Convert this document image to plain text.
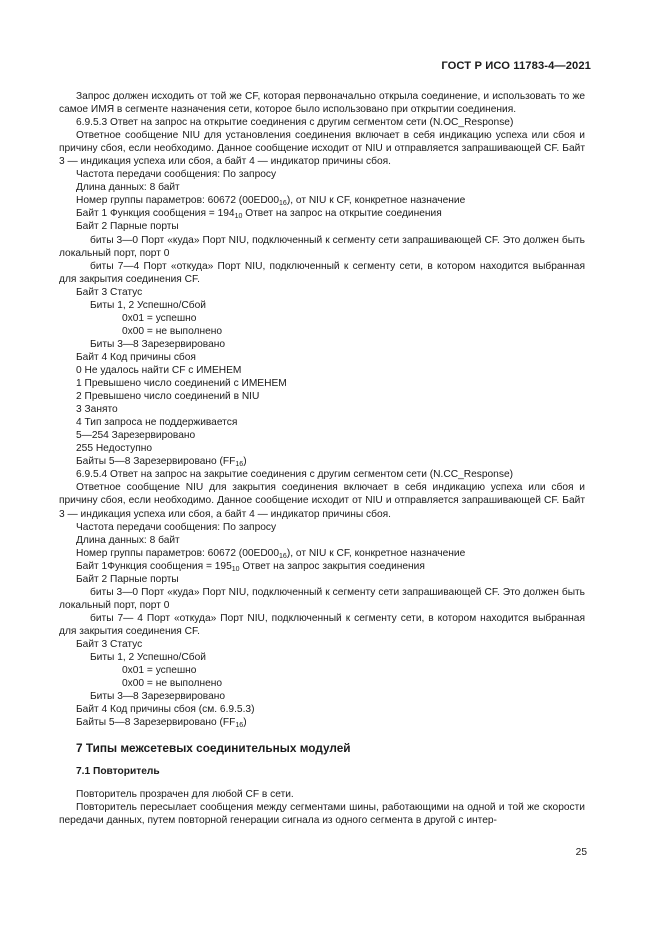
ГОСТ Р ИСО 11783-4—2021

Запрос должен исходить от той же CF, которая первоначально открыла соединение, и использовать то же самое ИМЯ в сегменте назначения сети, которое было использовано при открытии соединения.

6.9.5.3 Ответ на запрос на открытие соединения с другим сегментом сети (N.OC_Response)

Ответное сообщение NIU для установления соединения включает в себя индикацию успеха или сбоя и причину сбоя, если необходимо. Данное сообщение исходит от NIU и отправляется запрашивающей CF. Байт 3 — индикация успеха или сбоя, а байт 4 — индикатор причины сбоя.

Частота передачи сообщения: По запросу

Длина данных: 8 байт

Номер группы параметров: 60672 $(00ED00_{16})$, от NIU к CF, конкретное назначение

Байт 1 Функция сообщения = $194_{10}$ Ответ на запрос на открытие соединения

Байт 2 Парные порты

биты 3—0 Порт «куда» Порт NIU, подключенный к сегменту сети запрашивающей CF. Это должен быть локальный порт, порт 0

биты 7—4 Порт «откуда» Порт NIU, подключенный к сегменту сети, в котором находится выбранная для закрытия соединения CF.

Байт 3 Статус

Биты 1, 2 Успешно/Сбой

0x01 = успешно

0x00 = не выполнено

Биты 3—8 Зарезервировано

Байт 4 Код причины сбоя

0 Не удалось найти CF с ИМЕНЕМ

1 Превышено число соединений с ИМЕНЕМ

2 Превышено число соединений в NIU

3 Занято

4 Тип запроса не поддерживается

5—254 Зарезервировано

255 Недоступно

Байты 5—8 Зарезервировано $(FF_{16})$

6.9.5.4 Ответ на запрос на закрытие соединения с другим сегментом сети (N.CC_Response)

Ответное сообщение NIU для закрытия соединения включает в себя индикацию успеха или сбоя и причину сбоя, если необходимо. Данное сообщение исходит от NIU и отправляется запрашивающей CF. Байт 3 — индикация успеха или сбоя, а байт 4 — индикатор причины сбоя.

Частота передачи сообщения: По запросу

Длина данных: 8 байт

Номер группы параметров: 60672 $(00ED00_{16})$, от NIU к CF, конкретное назначение

Байт 1Функция сообщения = $195_{10}$ Ответ на запрос закрытия соединения

Байт 2 Парные порты

биты 3—0 Порт «куда» Порт NIU, подключенный к сегменту сети запрашивающей CF. Это должен быть локальный порт, порт 0

биты 7— 4 Порт «откуда» Порт NIU, подключенный к сегменту сети, в котором находится выбранная для закрытия соединения CF.

Байт 3 Статус

Биты 1, 2 Успешно/Сбой

0x01 = успешно

0x00 = не выполнено

Биты 3—8 Зарезервировано

Байт 4 Код причины сбоя (см. 6.9.5.3)

Байты 5—8 Зарезервировано $(FF_{16})$

7 Типы межсетевых соединительных модулей
7.1 Повторитель

Повторитель прозрачен для любой CF в сети.

Повторитель пересылает сообщения между сегментами шины, работающими на одной и той же скорости передачи данных, путем повторной генерации сигнала из одного сегмента в другой с интер-

25
